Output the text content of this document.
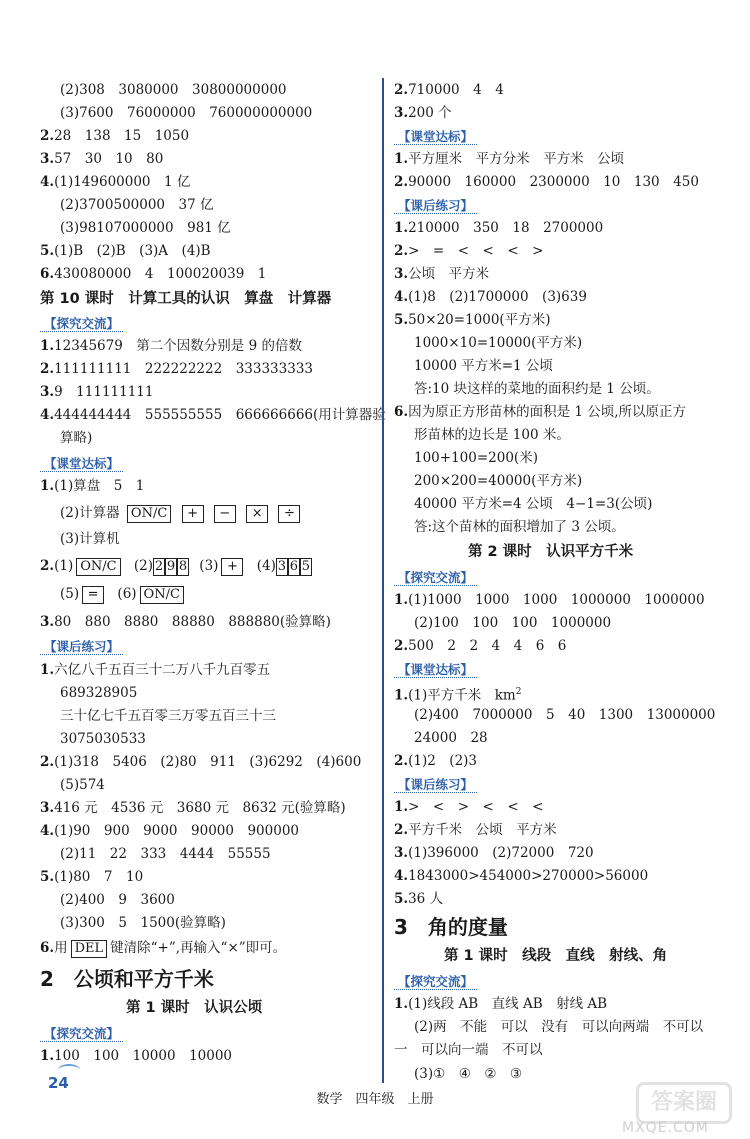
(2)308　3080000　30800000000
(3)7600　76000000　760000000000
2.28　138　15　1050
3.57　30　10　80
4.(1)149600000　1 亿
(2)3700500000　37 亿
(3)98107000000　981 亿
5.(1)B　(2)B　(3)A　(4)B
6.430080000　4　100020039　1
第 10 课时　计算工具的认识　算盘　计算器
【探究交流】
1.12345679　第二个因数分别是 9 的倍数
2.111111111　222222222　333333333
3.9　111111111
4.444444444　555555555　666666666(用计算器验
算略)
【课堂达标】
1.(1)算盘　5　1
(2)计算器 ON/C + − × ÷
(3)计算机
2.(1) ON/C (2) 2 9 8 (3) + (4) 3 6 5
(5) = (6) ON/C
3.80　880　8880　88880　888880(验算略)
【课后练习】
1.六亿八千五百三十二万八千九百零五
689328905
三十亿七千五百零三万零五百三十三
3075030533
2.(1)318　5406　(2)80　911　(3)6292　(4)600
(5)574
3.416 元　4536 元　3680 元　8632 元(验算略)
4.(1)90　900　9000　90000　900000
(2)11　22　333　4444　55555
5.(1)80　7　10
(2)400　9　3600
(3)300　5　1500(验算略)
6.用 DEL 键清除“+”,再输入“×”即可。
2　公顷和平方千米
第 1 课时　认识公顷
【探究交流】
1.100　100　10000　10000
2.710000　4　4
3.200 个
【课堂达标】
1.平方厘米　平方分米　平方米　公顷
2.90000　160000　2300000　10　130　450
【课后练习】
1.210000　350　18　2700000
2.>　=　<　<　<　>
3.公顷　平方米
4.(1)8　(2)1700000　(3)639
5.50×20=1000(平方米)
1000×10=10000(平方米)
10000 平方米=1 公顷
答:10 块这样的菜地的面积约是 1 公顷。
6.因为原正方形苗林的面积是 1 公顷,所以原正方
形苗林的边长是 100 米。
100+100=200(米)
200×200=40000(平方米)
40000 平方米=4 公顷　4−1=3(公顷)
答:这个苗林的面积增加了 3 公顷。
第 2 课时　认识平方千米
【探究交流】
1.(1)1000　1000　1000　1000000　1000000
(2)100　100　100　1000000
2.500　2　2　4　4　6　6
【课堂达标】
1.(1)平方千米　$km^2$
(2)400　7000000　5　40　1300　13000000
24000　28
2.(1)2　(2)3
【课后练习】
1.>　<　>　<　<　<
2.平方千米　公顷　平方米
3.(1)396000　(2)72000　720
4.1843000>454000>270000>56000
5.36 人
3　角的度量
第 1 课时　线段　直线　射线、角
【探究交流】
1.(1)线段 AB　直线 AB　射线 AB
(2)两　不能　可以　没有　可以向两端　不可以
一　可以向一端　不可以
(3)①　④　②　③
24
数学　四年级　上册	答案圈
MXQE.COM
